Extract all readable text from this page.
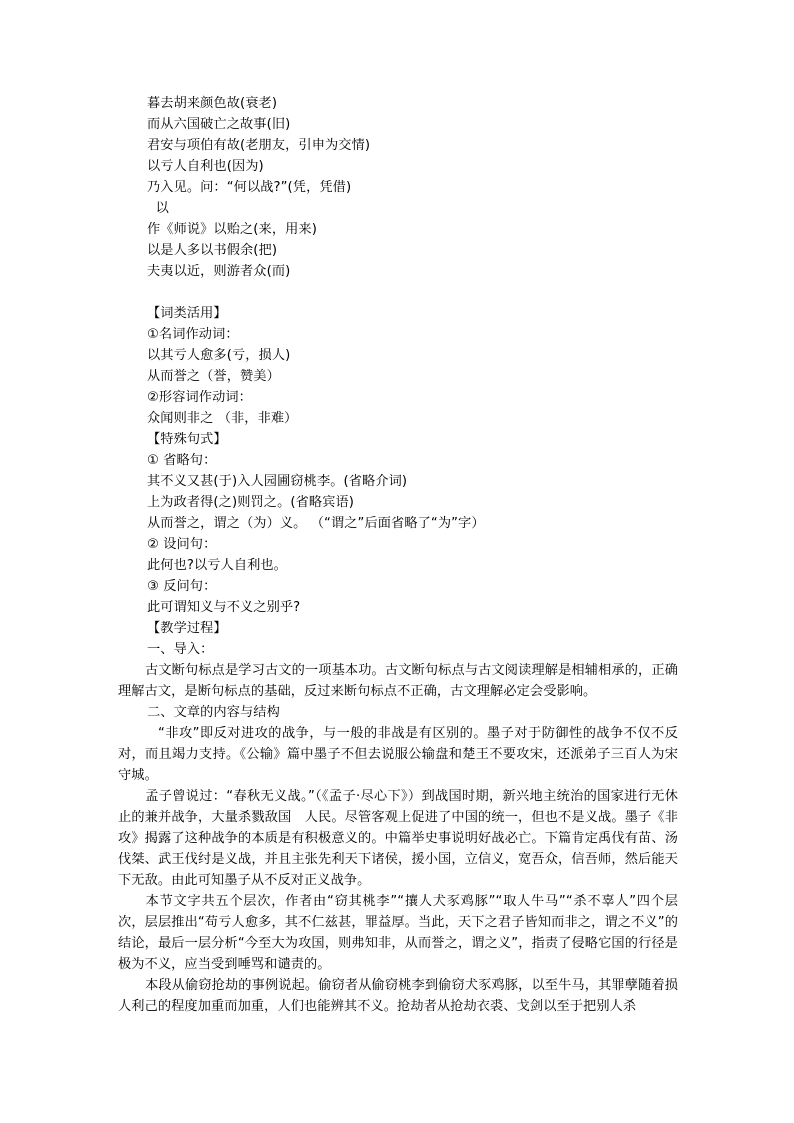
暮去胡来颜色故(衰老)
而从六国破亡之故事(旧)
君安与项伯有故(老朋友，引申为交情)
以亏人自利也(因为)
乃入见。问：“何以战?”(凭，凭借)
以
作《师说》以贻之(来，用来)
以是人多以书假余(把)
夫夷以近，则游者众(而)
【词类活用】
①名词作动词：
以其亏人愈多(亏，损人)
从而誉之（誉，赞美）
②形容词作动词：
众闻则非之 （非，非难）
【特殊句式】
① 省略句：
其不义又甚(于)入人园圃窃桃李。(省略介词)
上为政者得(之)则罚之。(省略宾语)
从而誉之，谓之（为）义。 （“谓之”后面省略了“为”字）
② 设问句：
此何也?以亏人自利也。
③ 反问句：
此可谓知义与不义之别乎?
【教学过程】
一、导入：
古文断句标点是学习古文的一项基本功。古文断句标点与古文阅读理解是相辅相承的，正确理解古文，是断句标点的基础，反过来断句标点不正确，古文理解必定会受影响。
二、文章的内容与结构
“非攻”即反对进攻的战争，与一般的非战是有区别的。墨子对于防御性的战争不仅不反对，而且竭力支持。《公输》篇中墨子不但去说服公输盘和楚王不要攻宋，还派弟子三百人为宋守城。
孟子曾说过：“春秋无义战。”（《孟子·尽心下》）到战国时期，新兴地主统治的国家进行无休止的兼并战争，大量杀戮敌国　人民。尽管客观上促进了中国的统一，但也不是义战。墨子《非攻》揭露了这种战争的本质是有积极意义的。中篇举史事说明好战必亡。下篇肯定禹伐有苗、汤伐桀、武王伐纣是义战，并且主张先利天下诸侯，援小国，立信义，宽吾众，信吾师，然后能天下无敌。由此可知墨子从不反对正义战争。
本节文字共五个层次，作者由“窃其桃李”“攘人犬豕鸡豚”“取人牛马”“杀不辜人”四个层次，层层推出“苟亏人愈多，其不仁兹甚，罪益厚。当此，天下之君子皆知而非之，谓之不义”的结论，最后一层分析“今至大为攻国，则弗知非，从而誉之，谓之义”，指责了侵略它国的行径是极为不义，应当受到唾骂和谴责的。
本段从偷窃抢劫的事例说起。偷窃者从偷窃桃李到偷窃犬豕鸡豚，以至牛马，其罪孽随着损人利己的程度加重而加重，人们也能辨其不义。抢劫者从抢劫衣裘、戈剑以至于把别人杀
